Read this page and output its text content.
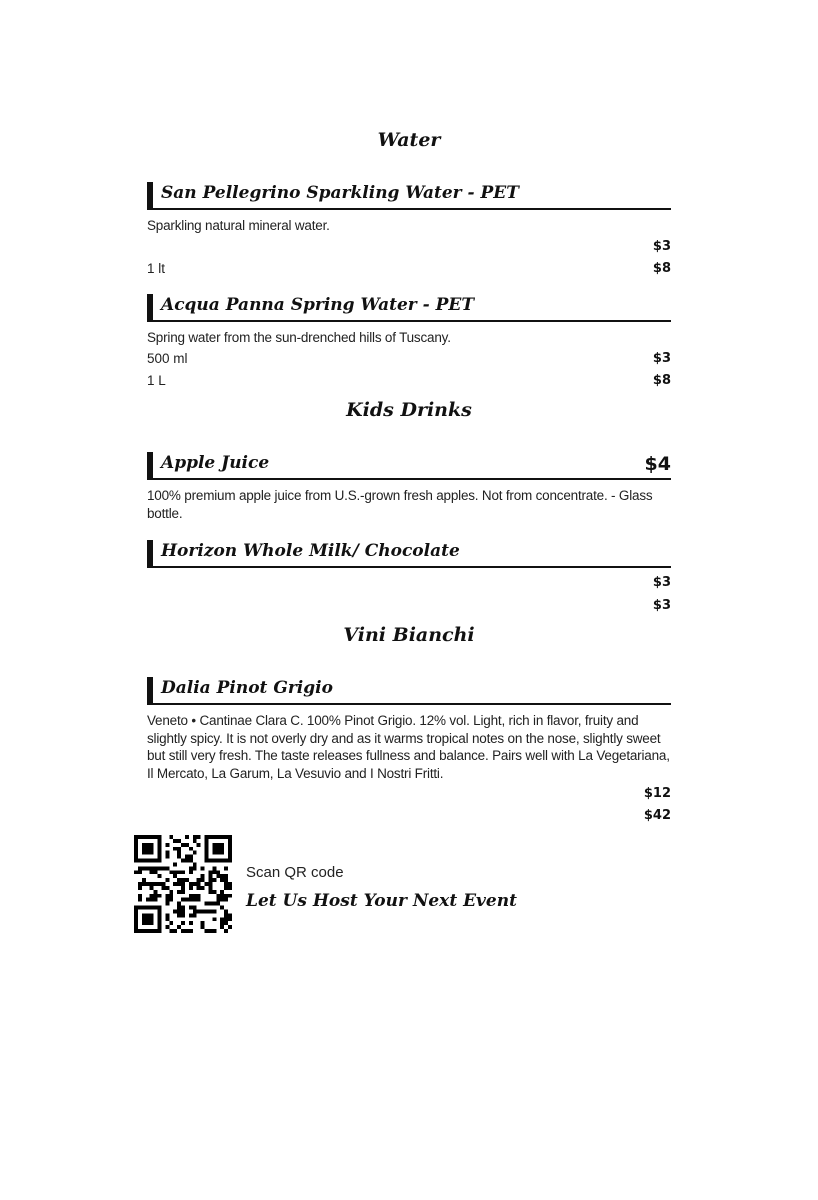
Water
San Pellegrino Sparkling Water - PET
Sparkling natural mineral water.
$3
1 lt	$8
Acqua Panna Spring Water - PET
Spring water from the sun-drenched hills of Tuscany.
500 ml	$3
1 L	$8
Kids Drinks
Apple Juice	$4
100% premium apple juice from U.S.-grown fresh apples. Not from concentrate. - Glass bottle.
Horizon Whole Milk/ Chocolate
$3
$3
Vini Bianchi
Dalia Pinot Grigio
Veneto • Cantinae Clara C. 100% Pinot Grigio. 12% vol. Light, rich in flavor, fruity and slightly spicy. It is not overly dry and as it warms tropical notes on the nose, slightly sweet but still very fresh. The taste releases fullness and balance. Pairs well with La Vegetariana, Il Mercato, La Garum, La Vesuvio and I Nostri Fritti.
$12
$42
Scan QR code
Let Us Host Your Next Event
